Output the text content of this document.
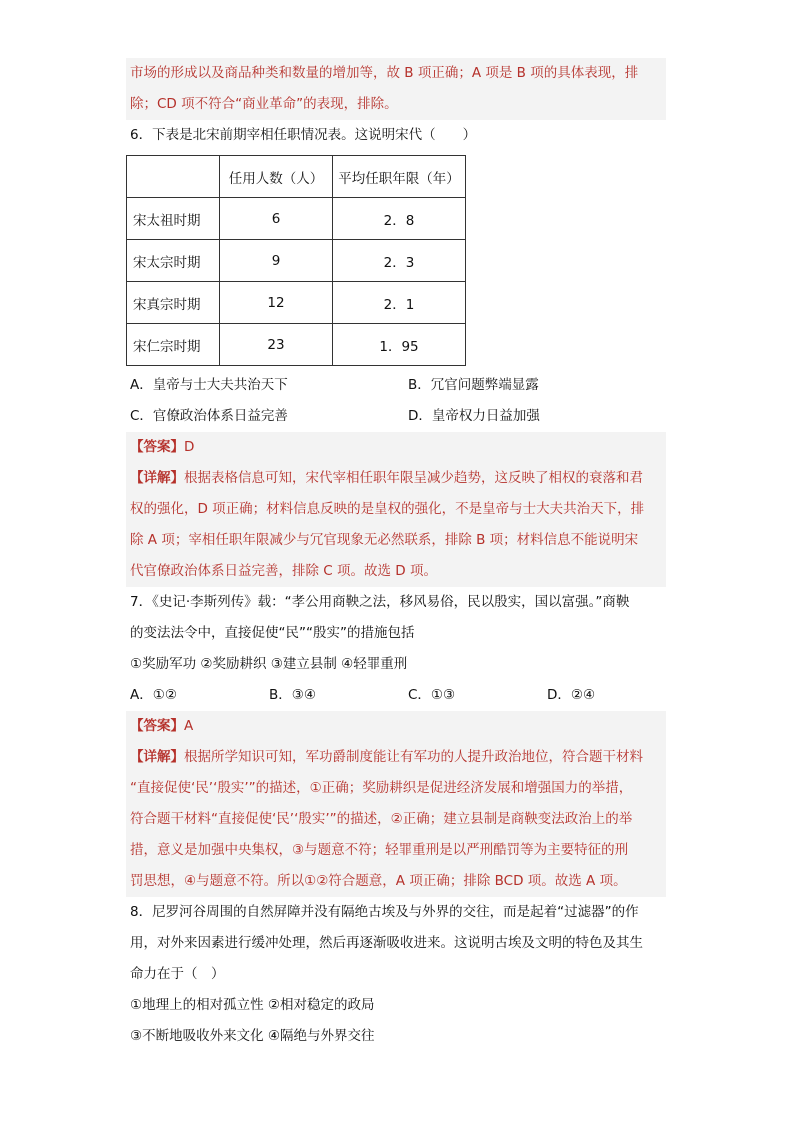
市场的形成以及商品种类和数量的增加等，故 B 项正确；A 项是 B 项的具体表现，排
除；CD 项不符合“商业革命”的表现，排除。
6．下表是北宋前期宰相任职情况表。这说明宋代（　　）
	任用人数（人）	平均任职年限（年）
宋太祖时期	6	2．8
宋太宗时期	9	2．3
宋真宗时期	12	2．1
宋仁宗时期	23	1．95
A．皇帝与士大夫共治天下	B．冗官问题弊端显露
C．官僚政治体系日益完善	D．皇帝权力日益加强
【答案】D
【详解】根据表格信息可知，宋代宰相任职年限呈减少趋势，这反映了相权的衰落和君
权的强化，D 项正确；材料信息反映的是皇权的强化，不是皇帝与士大夫共治天下，排
除 A 项；宰相任职年限减少与冗官现象无必然联系，排除 B 项；材料信息不能说明宋
代官僚政治体系日益完善，排除 C 项。故选 D 项。
7．《史记·李斯列传》载：“孝公用商鞅之法，移风易俗，民以殷实，国以富强。”商鞅
的变法法令中，直接促使“民”“殷实”的措施包括
①奖励军功 ②奖励耕织 ③建立县制 ④轻罪重刑
A．①②	B．③④	C．①③	D．②④
【答案】A
【详解】根据所学知识可知，军功爵制度能让有军功的人提升政治地位，符合题干材料
“直接促使‘民’‘殷实’”的描述，①正确；奖励耕织是促进经济发展和增强国力的举措，
符合题干材料“直接促使‘民’‘殷实’”的描述，②正确；建立县制是商鞅变法政治上的举
措，意义是加强中央集权，③与题意不符；轻罪重刑是以严刑酷罚等为主要特征的刑
罚思想，④与题意不符。所以①②符合题意，A 项正确；排除 BCD 项。故选 A 项。
8．尼罗河谷周围的自然屏障并没有隔绝古埃及与外界的交往，而是起着“过滤器”的作
用，对外来因素进行缓冲处理，然后再逐渐吸收进来。这说明古埃及文明的特色及其生
命力在于（　）
①地理上的相对孤立性 ②相对稳定的政局
③不断地吸收外来文化 ④隔绝与外界交往
